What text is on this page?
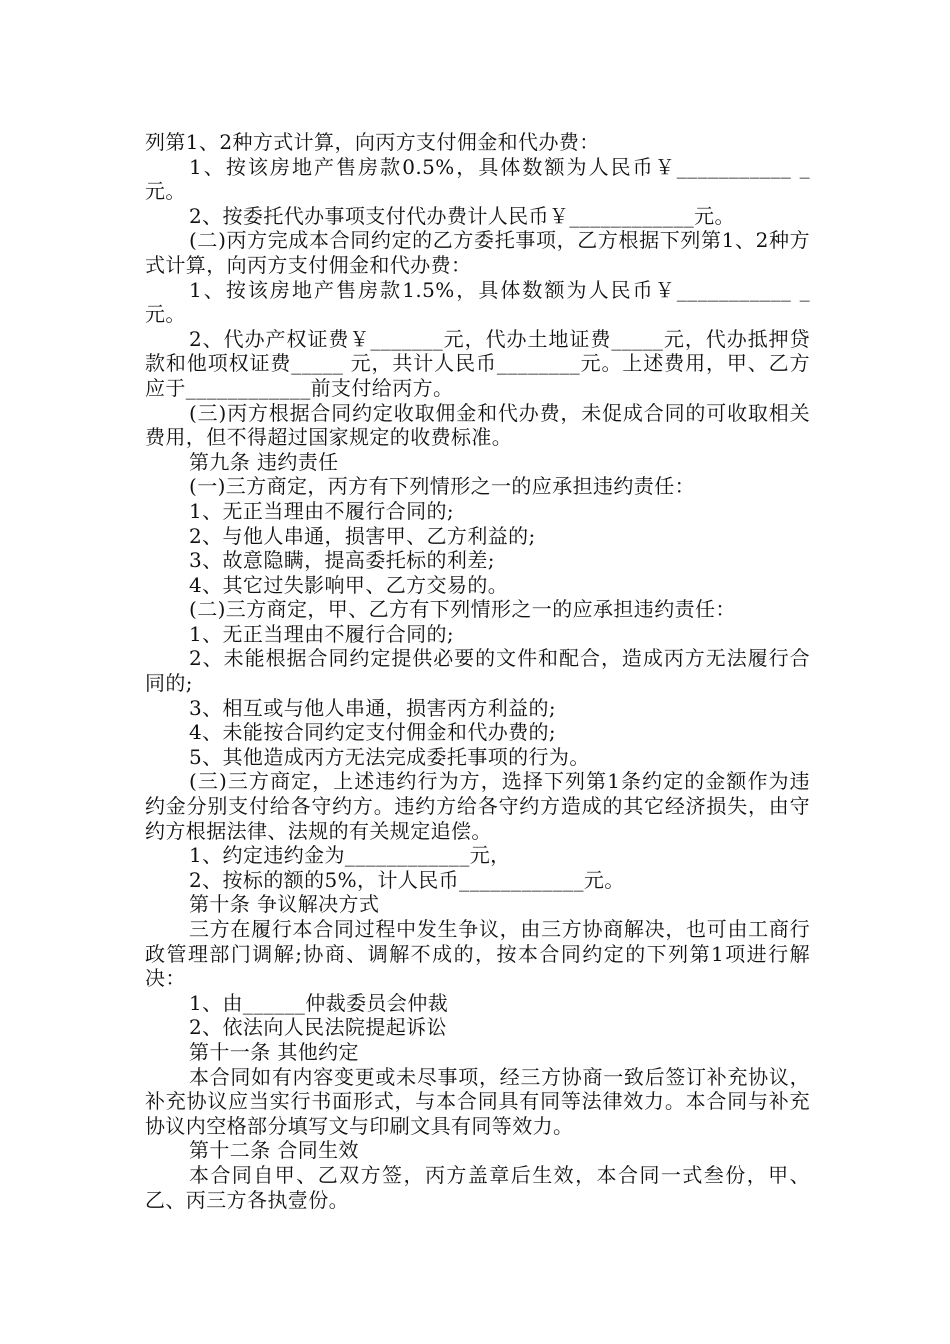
列第1、2种方式计算，向丙方支付佣金和代办费：

1、按该房地产售房款0.5%，具体数额为人民币￥___________ _元。

2、按委托代办事项支付代办费计人民币￥____________元。

(二)丙方完成本合同约定的乙方委托事项，乙方根据下列第1、2种方式计算，向丙方支付佣金和代办费：

1、按该房地产售房款1.5%，具体数额为人民币￥___________ _元。

2、代办产权证费￥_______元，代办土地证费_____元，代办抵押贷款和他项权证费_____ 元，共计人民币________元。上述费用，甲、乙方应于____________前支付给丙方。

(三)丙方根据合同约定收取佣金和代办费，未促成合同的可收取相关费用，但不得超过国家规定的收费标准。

第九条 违约责任

(一)三方商定，丙方有下列情形之一的应承担违约责任：

1、无正当理由不履行合同的;

2、与他人串通，损害甲、乙方利益的;

3、故意隐瞒，提高委托标的利差;

4、其它过失影响甲、乙方交易的。

(二)三方商定，甲、乙方有下列情形之一的应承担违约责任：

1、无正当理由不履行合同的;

2、未能根据合同约定提供必要的文件和配合，造成丙方无法履行合同的;

3、相互或与他人串通，损害丙方利益的;

4、未能按合同约定支付佣金和代办费的;

5、其他造成丙方无法完成委托事项的行为。

(三)三方商定，上述违约行为方，选择下列第1条约定的金额作为违约金分别支付给各守约方。违约方给各守约方造成的其它经济损失，由守约方根据法律、法规的有关规定追偿。

1、约定违约金为____________元，

2、按标的额的5%，计人民币____________元。

第十条 争议解决方式

三方在履行本合同过程中发生争议，由三方协商解决，也可由工商行政管理部门调解;协商、调解不成的，按本合同约定的下列第1项进行解决：

1、由______仲裁委员会仲裁

2、依法向人民法院提起诉讼

第十一条 其他约定

本合同如有内容变更或未尽事项，经三方协商一致后签订补充协议，补充协议应当实行书面形式，与本合同具有同等法律效力。本合同与补充协议内空格部分填写文与印刷文具有同等效力。

第十二条 合同生效

本合同自甲、乙双方签，丙方盖章后生效，本合同一式叁份，甲、乙、丙三方各执壹份。
